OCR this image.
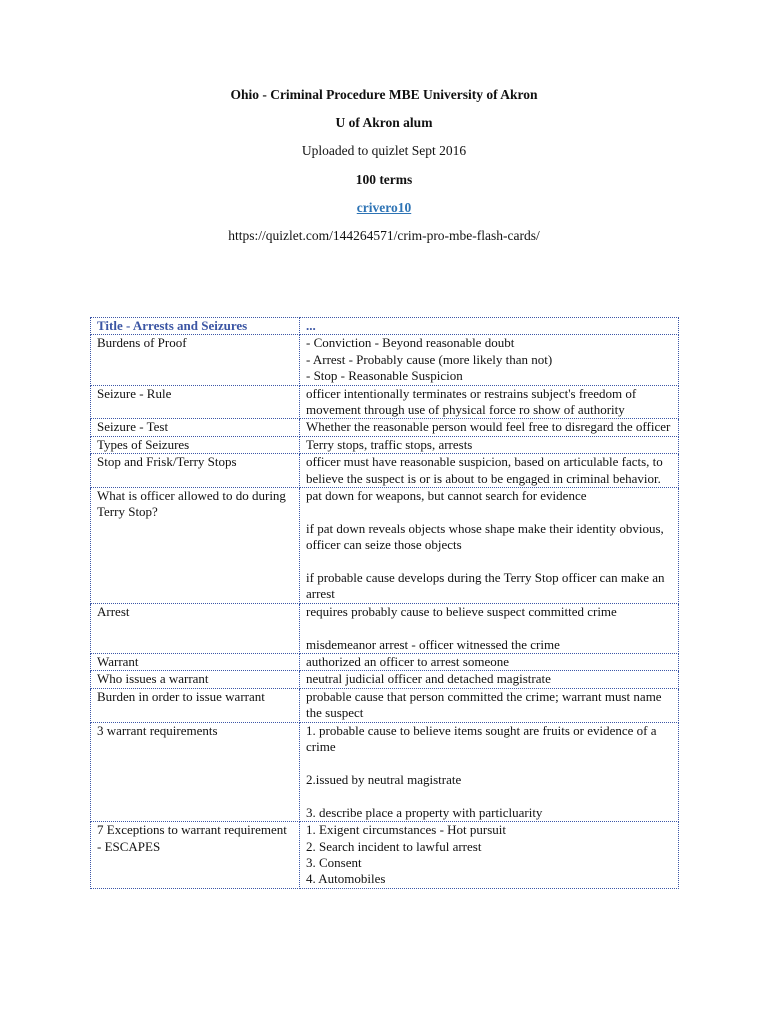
Ohio - Criminal Procedure MBE University of Akron
U of Akron alum
Uploaded to quizlet Sept 2016
100 terms
crivero10
https://quizlet.com/144264571/crim-pro-mbe-flash-cards/
Title - Arrests and Seizures	...
Burdens of Proof	- Conviction - Beyond reasonable doubt
- Arrest - Probably cause (more likely than not)
- Stop - Reasonable Suspicion

Seizure - Rule	officer intentionally terminates or restrains subject's freedom of movement through use of physical force ro show of authority

Seizure - Test	Whether the reasonable person would feel free to disregard the officer

Types of Seizures	Terry stops, traffic stops, arrests

Stop and Frisk/Terry Stops	officer must have reasonable suspicion, based on articulable facts, to believe the suspect is or is about to be engaged in criminal behavior.

What is officer allowed to do during Terry Stop?	pat down for weapons, but cannot search for evidence
if pat down reveals objects whose shape make their identity obvious, officer can seize those objects
if probable cause develops during the Terry Stop officer can make an arrest

Arrest	requires probably cause to believe suspect committed crime
misdemeanor arrest - officer witnessed the crime

Warrant	authorized an officer to arrest someone

Who issues a warrant	neutral judicial officer and detached magistrate

Burden in order to issue warrant	probable cause that person committed the crime; warrant must name the suspect

3 warrant requirements	1. probable cause to believe items sought are fruits or evidence of a crime
2.issued by neutral magistrate
3. describe place a property with particluarity

7 Exceptions to warrant requirement - ESCAPES	1. Exigent circumstances - Hot pursuit
2. Search incident to lawful arrest
3. Consent
4. Automobiles
